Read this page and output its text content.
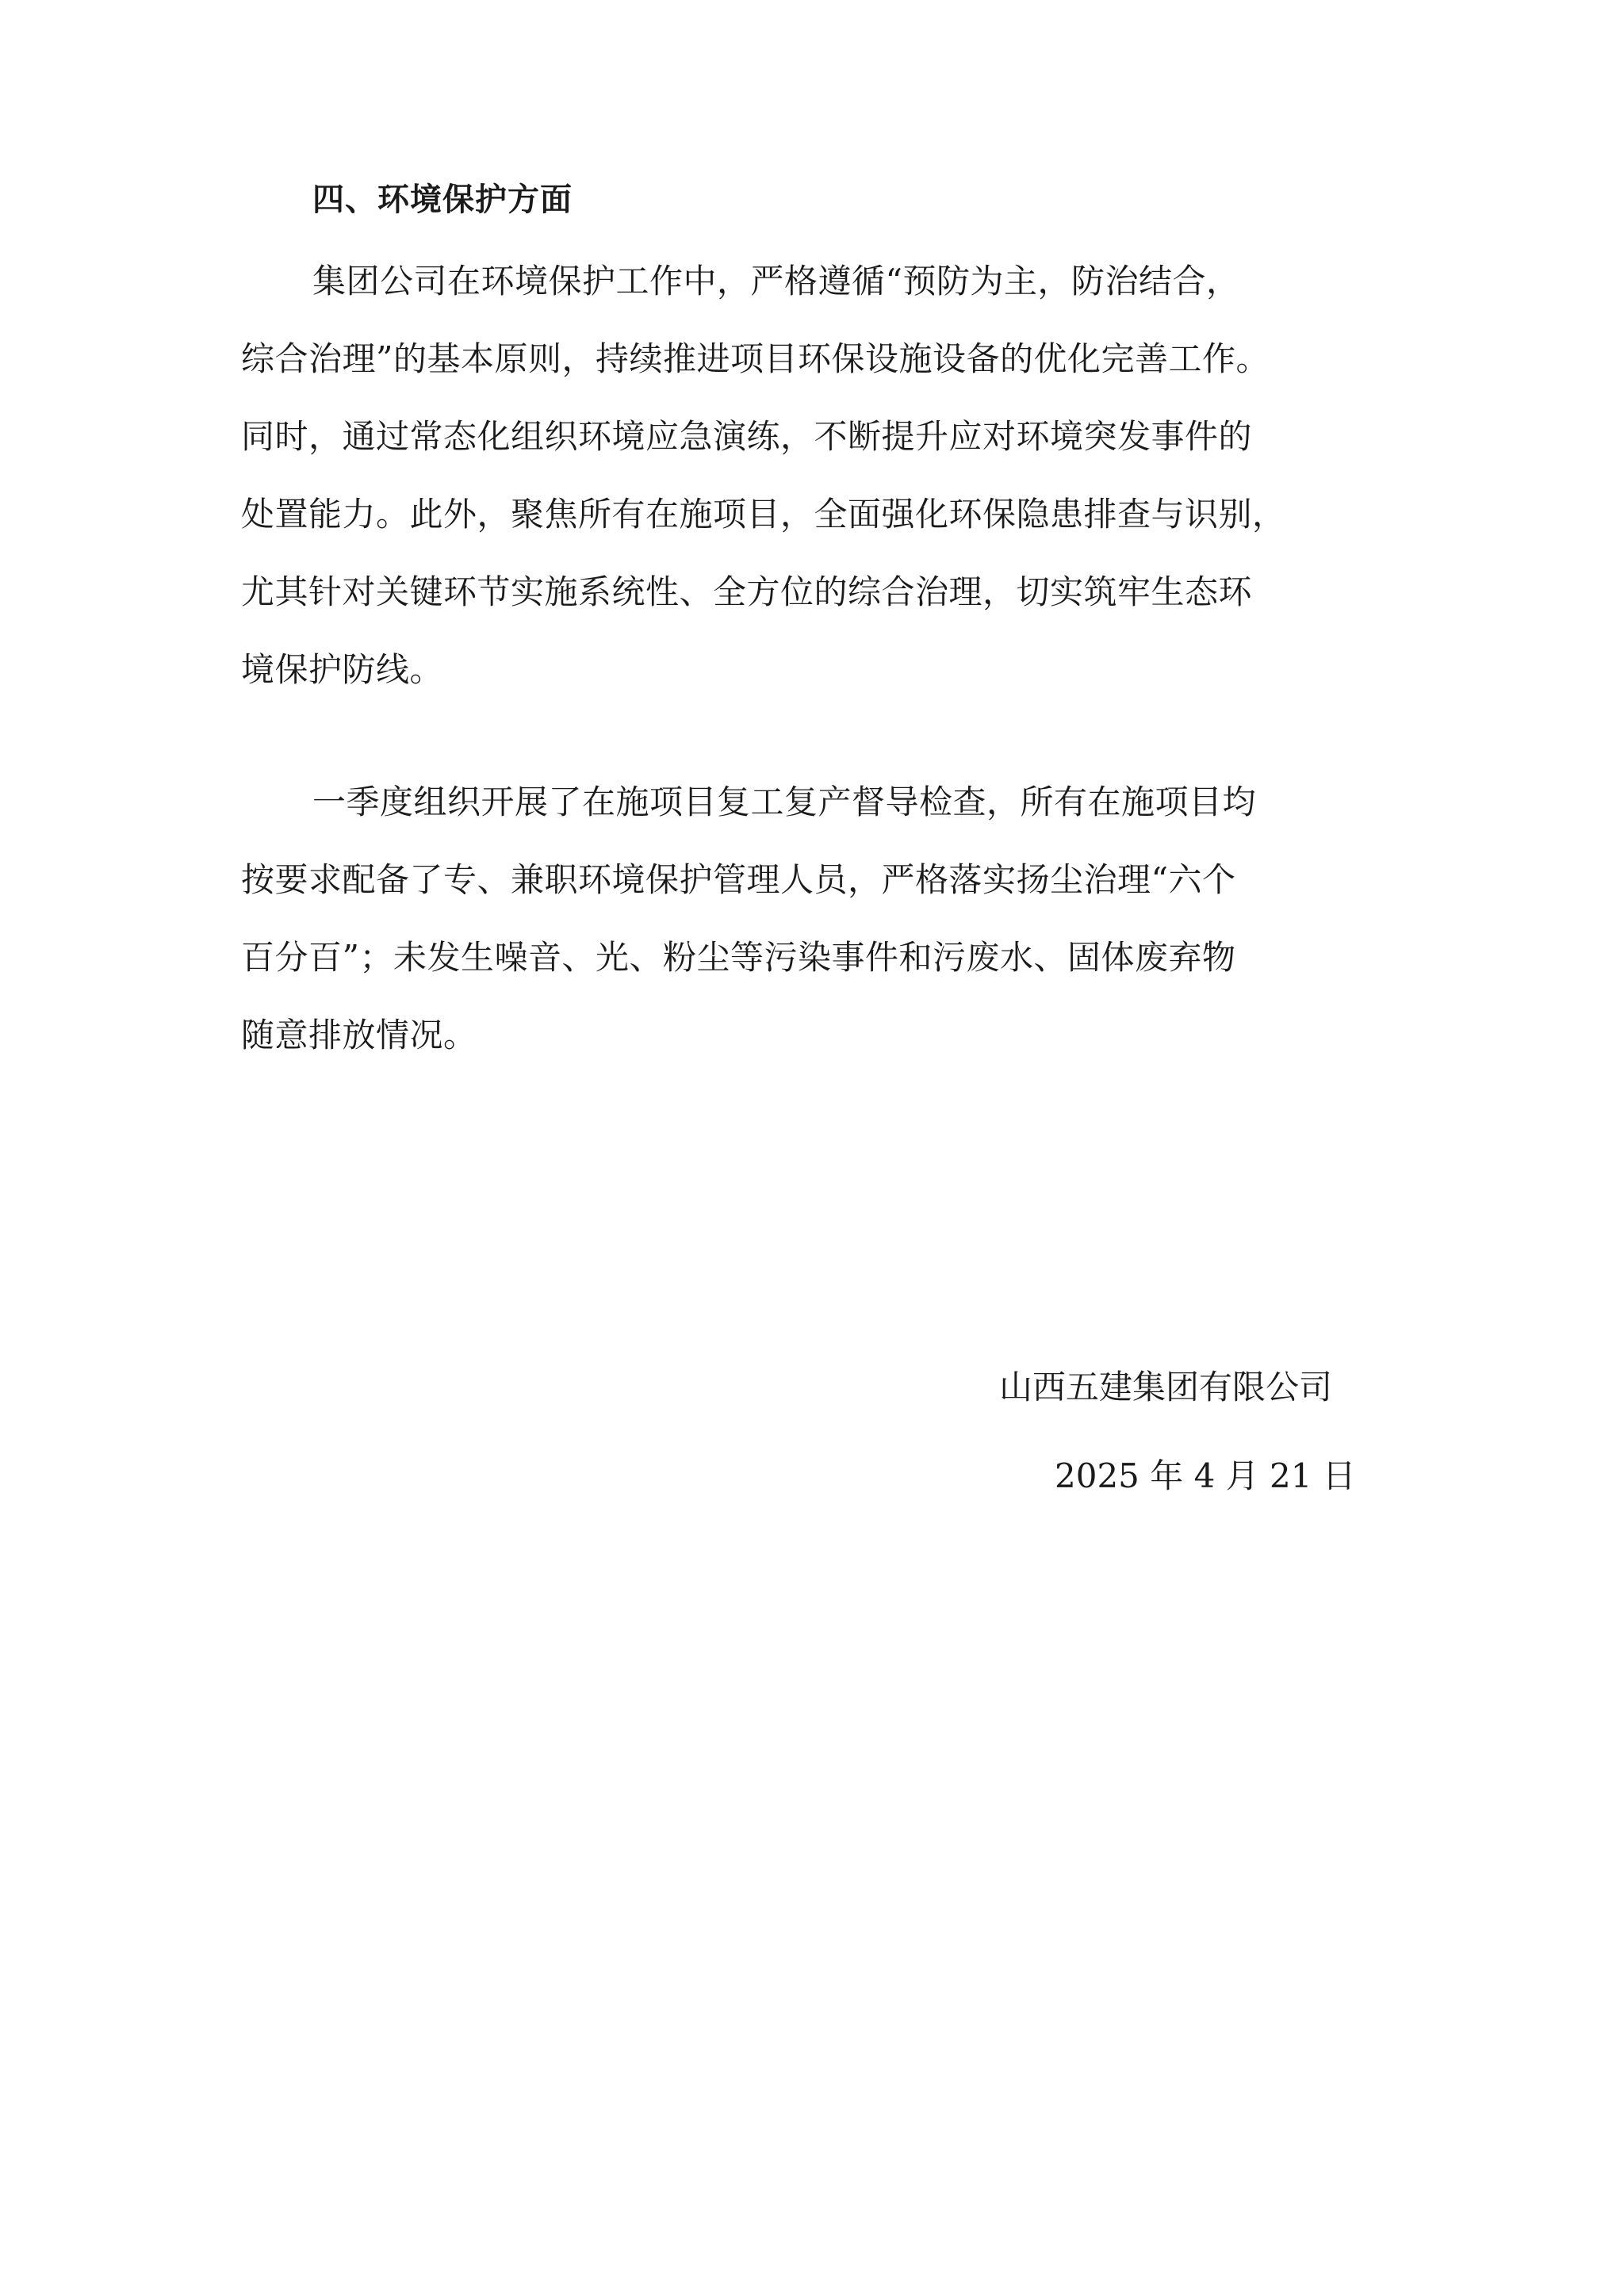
四、环境保护方面

集团公司在环境保护工作中，严格遵循“预防为主，防治结合，
综合治理”的基本原则，持续推进项目环保设施设备的优化完善工作。
同时，通过常态化组织环境应急演练，不断提升应对环境突发事件的
处置能力。此外，聚焦所有在施项目，全面强化环保隐患排查与识别，
尤其针对关键环节实施系统性、全方位的综合治理，切实筑牢生态环
境保护防线。

一季度组织开展了在施项目复工复产督导检查，所有在施项目均
按要求配备了专、兼职环境保护管理人员，严格落实扬尘治理“六个
百分百”；未发生噪音、光、粉尘等污染事件和污废水、固体废弃物
随意排放情况。

山西五建集团有限公司
2025 年 4 月 21 日
